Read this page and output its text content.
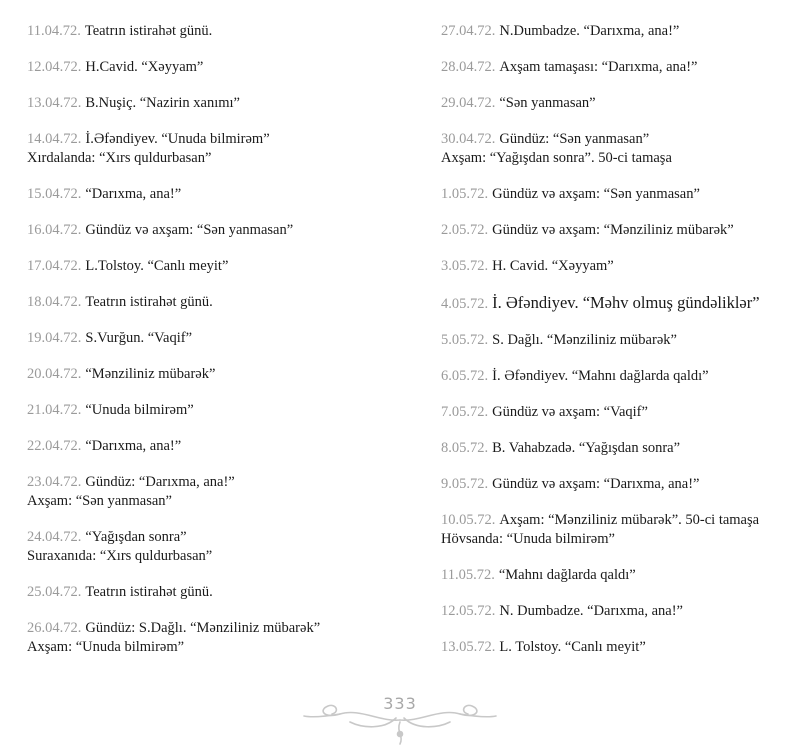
11.04.72. Teatrın istirahət günü.

12.04.72. H.Cavid. “Xəyyam”

13.04.72. B.Nuşiç. “Nazirin xanımı”

14.04.72. İ.Əfəndiyev. “Unuda bilmirəm”
Xırdalanda: “Xırs quldurbasan”

15.04.72. “Darıxma, ana!”

16.04.72. Gündüz və axşam: “Sən yanmasan”

17.04.72. L.Tolstoy. “Canlı meyit”

18.04.72. Teatrın istirahət günü.

19.04.72. S.Vurğun. “Vaqif”

20.04.72. “Mənziliniz mübarək”

21.04.72. “Unuda bilmirəm”

22.04.72. “Darıxma, ana!”

23.04.72. Gündüz: “Darıxma, ana!”
Axşam: “Sən yanmasan”

24.04.72. “Yağışdan sonra”
Suraxanıda: “Xırs quldurbasan”

25.04.72. Teatrın istirahət günü.

26.04.72. Gündüz: S.Dağlı. “Mənziliniz mübarək”
Axşam: “Unuda bilmirəm”

27.04.72. N.Dumbadze. “Darıxma, ana!”

28.04.72. Axşam tamaşası: “Darıxma, ana!”

29.04.72. “Sən yanmasan”

30.04.72. Gündüz: “Sən yanmasan”
Axşam: “Yağışdan sonra”. 50-ci tamaşa

1.05.72. Gündüz və axşam: “Sən yanmasan”

2.05.72. Gündüz və axşam: “Mənziliniz mübarək”

3.05.72. H. Cavid. “Xəyyam”

4.05.72. İ. Əfəndiyev. “Məhv olmuş gündəliklər”

5.05.72. S. Dağlı. “Mənziliniz mübarək”

6.05.72. İ. Əfəndiyev. “Mahnı dağlarda qaldı”

7.05.72. Gündüz və axşam: “Vaqif”

8.05.72. B. Vahabzadə. “Yağışdan sonra”

9.05.72. Gündüz və axşam: “Darıxma, ana!”

10.05.72. Axşam: “Mənziliniz mübarək”. 50-ci tamaşa
Hövsanda: “Unuda bilmirəm”

11.05.72. “Mahnı dağlarda qaldı”

12.05.72. N. Dumbadze. “Darıxma, ana!”

13.05.72. L. Tolstoy. “Canlı meyit”

333
